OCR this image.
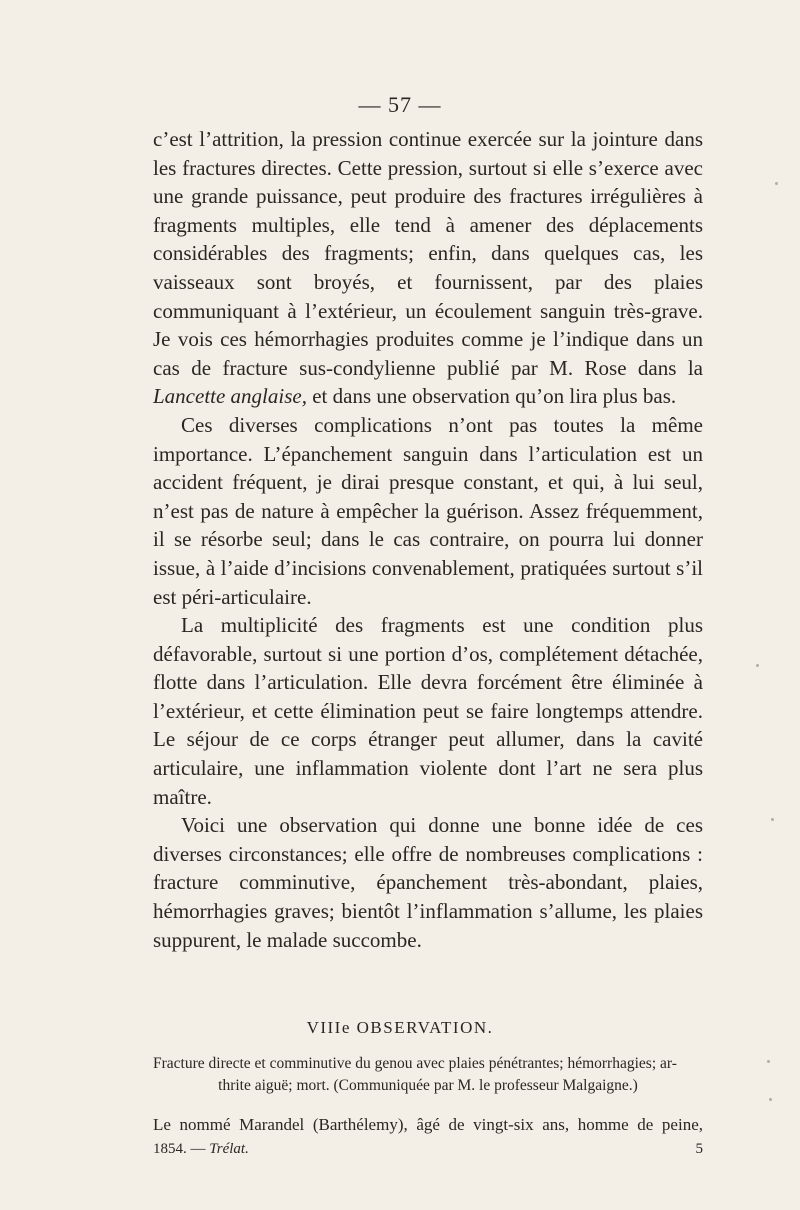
— 57 —

c’est l’attrition, la pression continue exercée sur la jointure dans les fractures directes. Cette pression, surtout si elle s’exerce avec une grande puissance, peut produire des fractures irrégulières à fragments multiples, elle tend à amener des déplacements considérables des fragments; enfin, dans quelques cas, les vaisseaux sont broyés, et fournissent, par des plaies communiquant à l’extérieur, un écoulement sanguin très-grave. Je vois ces hémorrhagies produites comme je l’indique dans un cas de fracture sus-condylienne publié par M. Rose dans la Lancette anglaise, et dans une observation qu’on lira plus bas.

Ces diverses complications n’ont pas toutes la même importance. L’épanchement sanguin dans l’articulation est un accident fréquent, je dirai presque constant, et qui, à lui seul, n’est pas de nature à empêcher la guérison. Assez fréquemment, il se résorbe seul; dans le cas contraire, on pourra lui donner issue, à l’aide d’incisions convenablement, pratiquées surtout s’il est péri-articulaire.

La multiplicité des fragments est une condition plus défavorable, surtout si une portion d’os, complétement détachée, flotte dans l’articulation. Elle devra forcément être éliminée à l’extérieur, et cette élimination peut se faire longtemps attendre. Le séjour de ce corps étranger peut allumer, dans la cavité articulaire, une inflammation violente dont l’art ne sera plus maître.

Voici une observation qui donne une bonne idée de ces diverses circonstances; elle offre de nombreuses complications : fracture comminutive, épanchement très-abondant, plaies, hémorrhagies graves; bientôt l’inflammation s’allume, les plaies suppurent, le malade succombe.

VIIIe OBSERVATION.

Fracture directe et comminutive du genou avec plaies pénétrantes; hémorrhagies; ar-

thrite aiguë; mort. (Communiquée par M. le professeur Malgaigne.)

Le nommé Marandel (Barthélemy), âgé de vingt-six ans, homme de peine,
1854. — Trélat.	5
